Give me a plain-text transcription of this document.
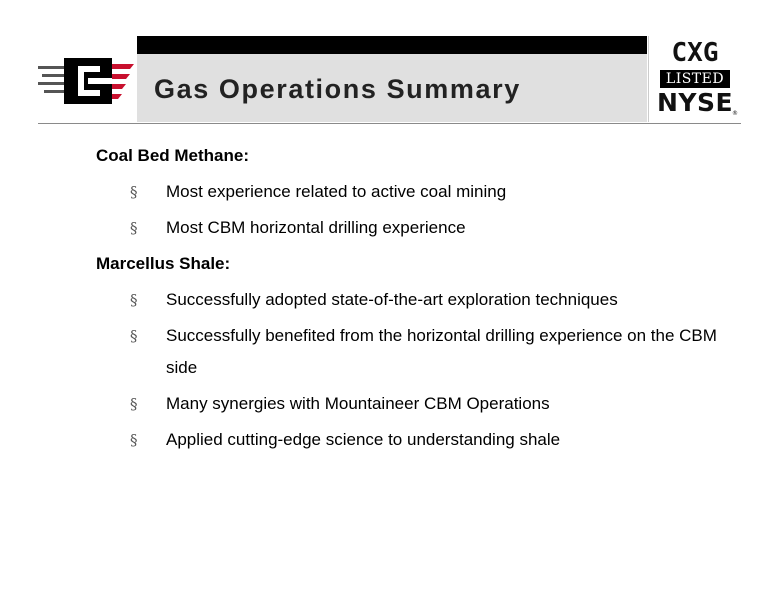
Gas Operations Summary
CXG
LISTED
NYSE
®
Coal Bed Methane:
§ Most experience related to active coal mining
§ Most CBM horizontal drilling experience
Marcellus Shale:
§ Successfully adopted state-of-the-art exploration techniques
§ Successfully benefited from the horizontal drilling experience on the CBM side
§ Many synergies with Mountaineer CBM Operations
§ Applied cutting-edge science to understanding shale
